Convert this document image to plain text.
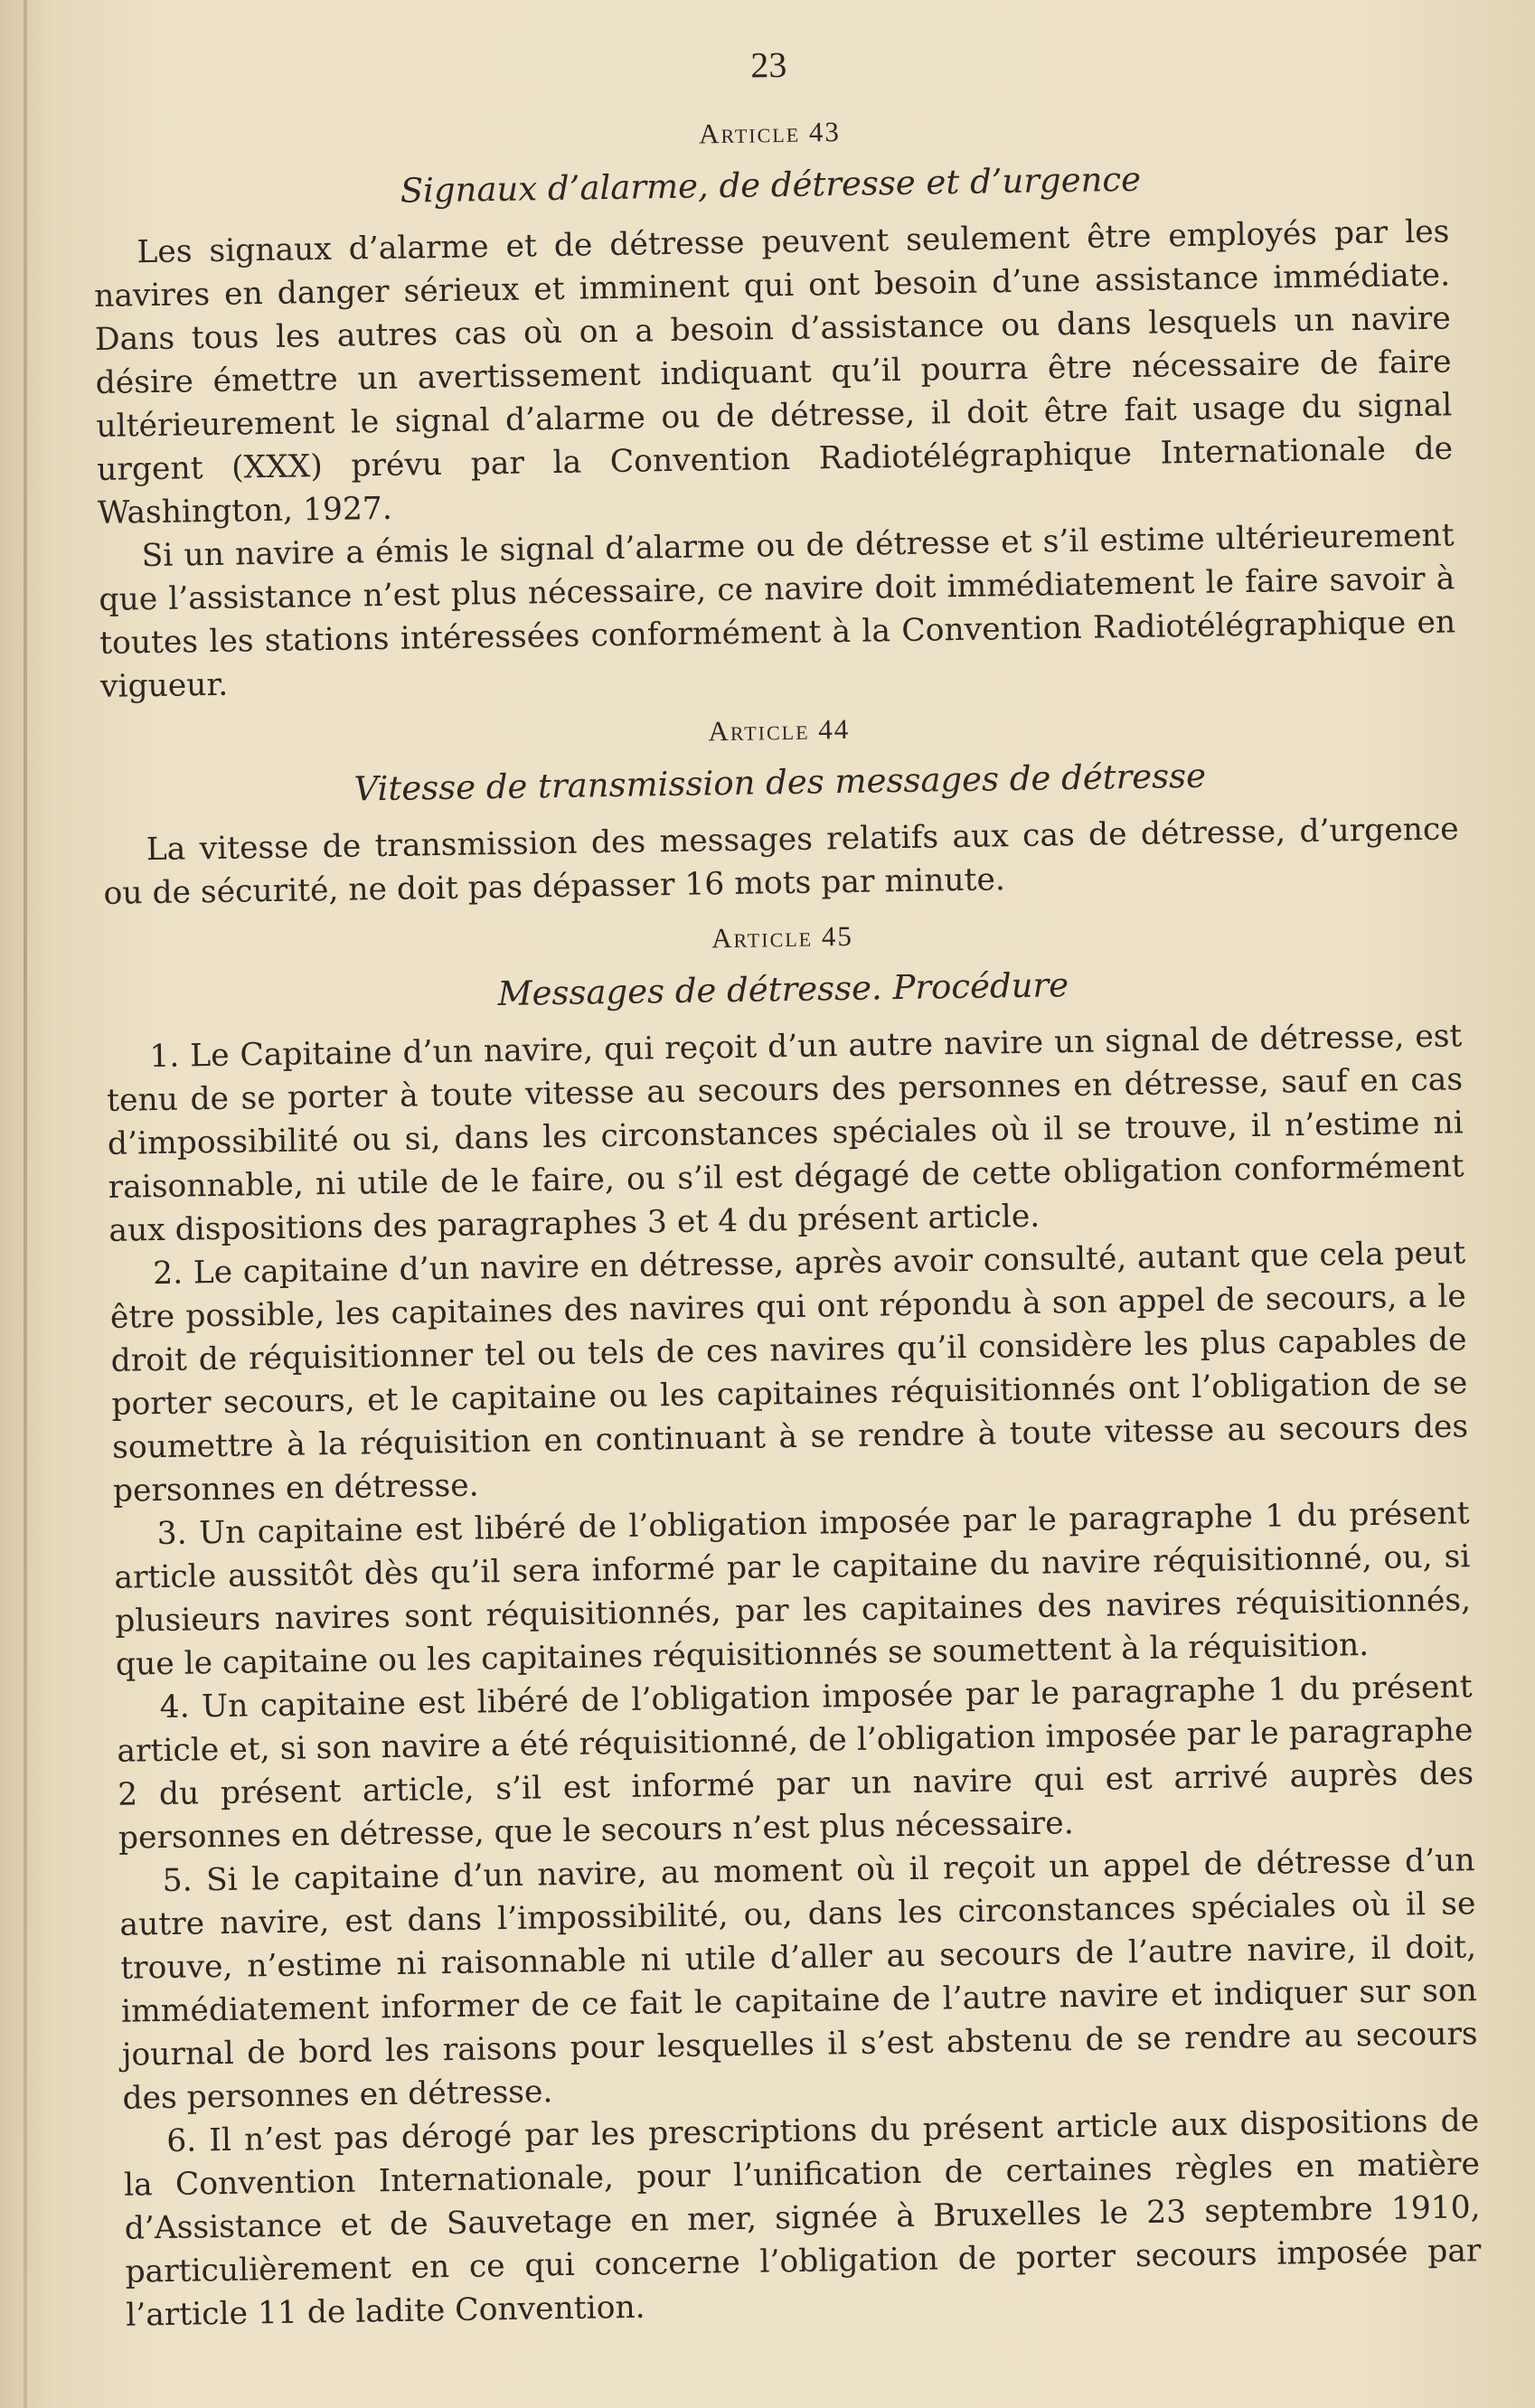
23
Article 43
Signaux d’alarme, de détresse et d’urgence

Les signaux d’alarme et de détresse peuvent seulement être employés par les navires en danger sérieux et imminent qui ont besoin d’une assistance immédiate. Dans tous les autres cas où on a besoin d’assistance ou dans lesquels un navire désire émettre un avertissement indiquant qu’il pourra être nécessaire de faire ultérieurement le signal d’alarme ou de détresse, il doit être fait usage du signal urgent (XXX) prévu par la Convention Radiotélégraphique Internationale de Washington, 1927.

Si un navire a émis le signal d’alarme ou de détresse et s’il estime ultérieurement que l’assistance n’est plus nécessaire, ce navire doit immédiatement le faire savoir à toutes les stations intéressées conformément à la Convention Radiotélégraphique en vigueur.

Article 44
Vitesse de transmission des messages de détresse

La vitesse de transmission des messages relatifs aux cas de détresse, d’urgence ou de sécurité, ne doit pas dépasser 16 mots par minute.

Article 45
Messages de détresse. Procédure

1. Le Capitaine d’un navire, qui reçoit d’un autre navire un signal de détresse, est tenu de se porter à toute vitesse au secours des personnes en détresse, sauf en cas d’impossibilité ou si, dans les circonstances spéciales où il se trouve, il n’estime ni raisonnable, ni utile de le faire, ou s’il est dégagé de cette obligation conformément aux dispositions des paragraphes 3 et 4 du présent article.

2. Le capitaine d’un navire en détresse, après avoir consulté, autant que cela peut être possible, les capitaines des navires qui ont répondu à son appel de secours, a le droit de réquisitionner tel ou tels de ces navires qu’il considère les plus capables de porter secours, et le capitaine ou les capitaines réquisitionnés ont l’obligation de se soumettre à la réquisition en continuant à se rendre à toute vitesse au secours des personnes en détresse.

3. Un capitaine est libéré de l’obligation imposée par le paragraphe 1 du présent article aussitôt dès qu’il sera informé par le capitaine du navire réquisitionné, ou, si plusieurs navires sont réquisitionnés, par les capitaines des navires réquisitionnés, que le capitaine ou les capitaines réquisitionnés se soumettent à la réquisition.

4. Un capitaine est libéré de l’obligation imposée par le paragraphe 1 du présent article et, si son navire a été réquisitionné, de l’obligation imposée par le paragraphe 2 du présent article, s’il est informé par un navire qui est arrivé auprès des personnes en détresse, que le secours n’est plus nécessaire.

5. Si le capitaine d’un navire, au moment où il reçoit un appel de détresse d’un autre navire, est dans l’impossibilité, ou, dans les circonstances spéciales où il se trouve, n’estime ni raisonnable ni utile d’aller au secours de l’autre navire, il doit, immédiatement informer de ce fait le capitaine de l’autre navire et indiquer sur son journal de bord les raisons pour lesquelles il s’est abstenu de se rendre au secours des personnes en détresse.

6. Il n’est pas dérogé par les prescriptions du présent article aux dispositions de la Convention Internationale, pour l’unification de certaines règles en matière d’Assistance et de Sauvetage en mer, signée à Bruxelles le 23 septembre 1910, particulièrement en ce qui concerne l’obligation de porter secours imposée par l’article 11 de ladite Convention.
